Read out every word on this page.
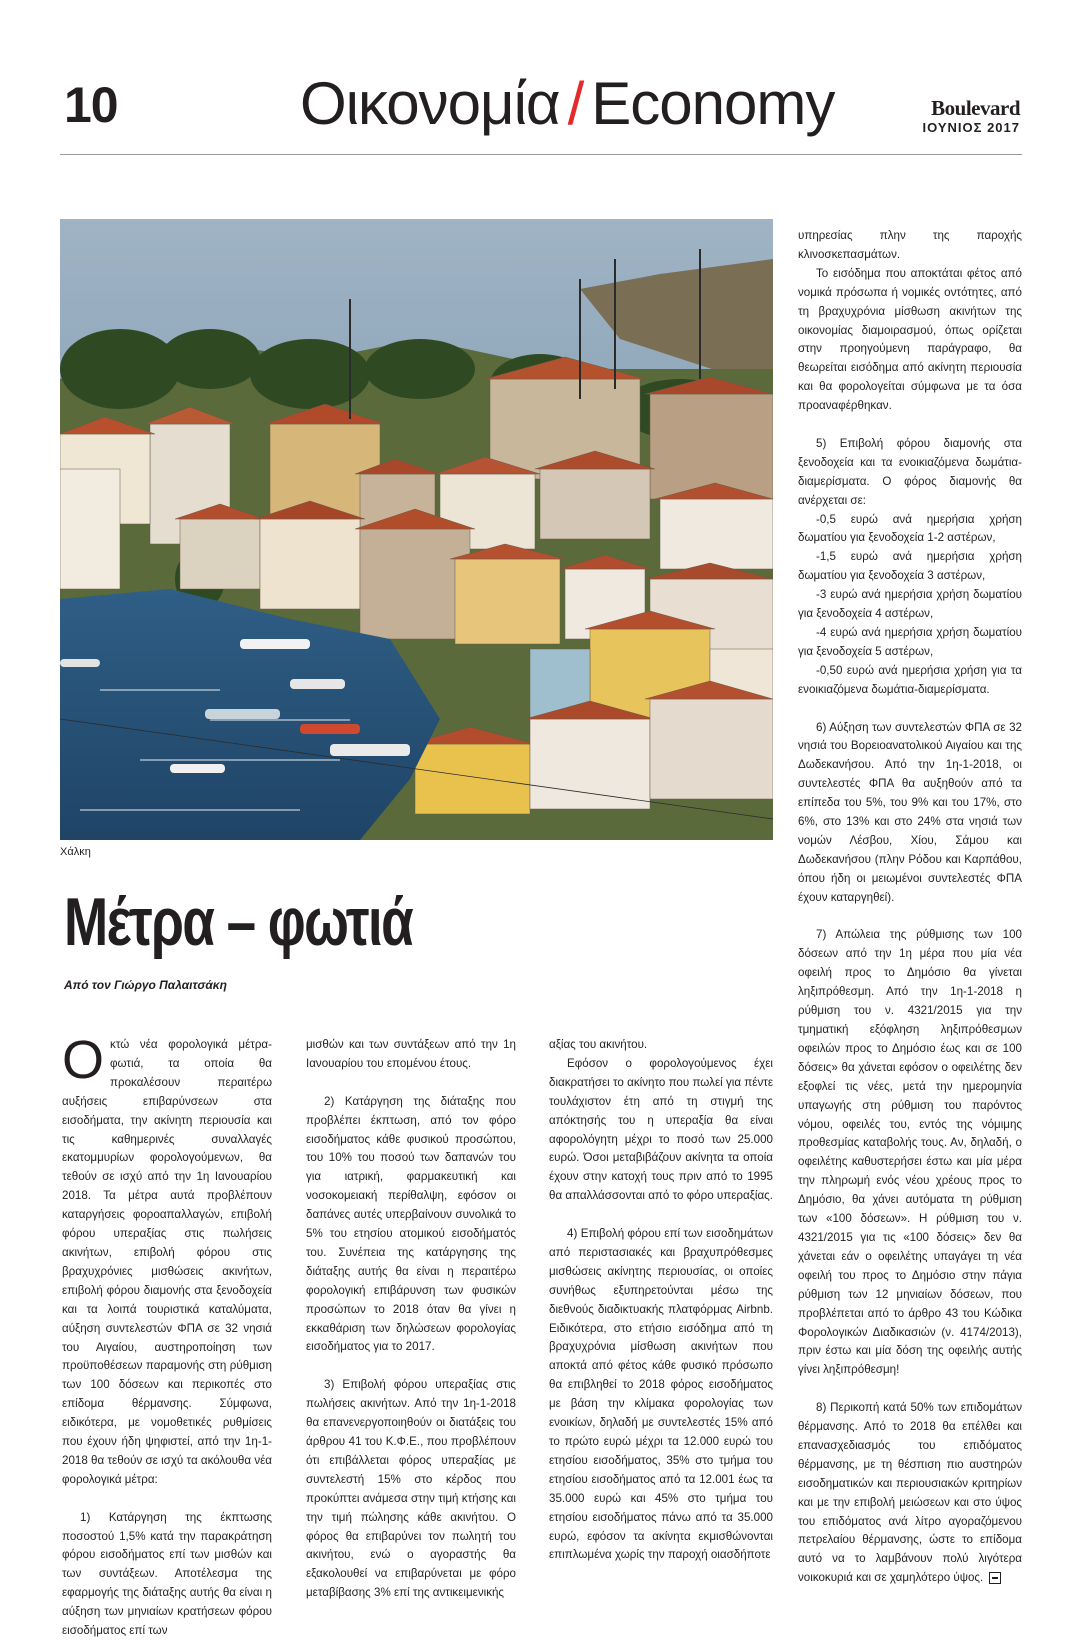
10	Οικονομία / Economy	Boulevard
ΙΟΥΝΙΟΣ 2017
Χάλκη
Μέτρα – φωτιά
Από τον Γιώργο Παλαιτσάκη
Ο κτώ νέα φορολογικά μέτρα-φωτιά, τα οποία θα προκαλέσουν περαιτέρω αυξήσεις επιβαρύνσεων στα εισοδήματα, την ακίνητη περιουσία και τις καθημερινές συναλλαγές εκατομμυρίων φορολογούμενων, θα τεθούν σε ισχύ από την 1η Ιανουαρίου 2018. Τα μέτρα αυτά προβλέπουν καταργήσεις φοροαπαλλαγών, επιβολή φόρου υπεραξίας στις πωλήσεις ακινήτων, επιβολή φόρου στις βραχυχρόνιες μισθώσεις ακινήτων, επιβολή φόρου διαμονής στα ξενοδοχεία και τα λοιπά τουριστικά καταλύματα, αύξηση συντελεστών ΦΠΑ σε 32 νησιά του Αιγαίου, αυστηροποίηση των προϋποθέσεων παραμονής στη ρύθμιση των 100 δόσεων και περικοπές στο επίδομα θέρμανσης. Σύμφωνα, ειδικότερα, με νομοθετικές ρυθμίσεις που έχουν ήδη ψηφιστεί, από την 1η-1-2018 θα τεθούν σε ισχύ τα ακόλουθα νέα φορολογικά μέτρα:

1) Κατάργηση της έκπτωσης ποσοστού 1,5% κατά την παρακράτηση φόρου εισοδήματος επί των μισθών και των συντάξεων. Αποτέλεσμα της εφαρμογής της διάταξης αυτής θα είναι η αύξηση των μηνιαίων κρατήσεων φόρου εισοδήματος επί των

μισθών και των συντάξεων από την 1η Ιανουαρίου του επομένου έτους.

2) Κατάργηση της διάταξης που προβλέπει έκπτωση, από τον φόρο εισοδήματος κάθε φυσικού προσώπου, του 10% του ποσού των δαπανών του για ιατρική, φαρμακευτική και νοσοκομειακή περίθαλψη, εφόσον οι δαπάνες αυτές υπερβαίνουν συνολικά το 5% του ετησίου ατομικού εισοδήματός του. Συνέπεια της κατάργησης της διάταξης αυτής θα είναι η περαιτέρω φορολογική επιβάρυνση των φυσικών προσώπων το 2018 όταν θα γίνει η εκκαθάριση των δηλώσεων φορολογίας εισοδήματος για το 2017.

3) Επιβολή φόρου υπεραξίας στις πωλήσεις ακινήτων. Από την 1η-1-2018 θα επανενεργοποιηθούν οι διατάξεις του άρθρου 41 του Κ.Φ.Ε., που προβλέπουν ότι επιβάλλεται φόρος υπεραξίας με συντελεστή 15% στο κέρδος που προκύπτει ανάμεσα στην τιμή κτήσης και την τιμή πώλησης κάθε ακινήτου. Ο φόρος θα επιβαρύνει τον πωλητή του ακινήτου, ενώ ο αγοραστής θα εξακολουθεί να επιβαρύνεται με φόρο μεταβίβασης 3% επί της αντικειμενικής

αξίας του ακινήτου.

Εφόσον ο φορολογούμενος έχει διακρατήσει το ακίνητο που πωλεί για πέντε τουλάχιστον έτη από τη στιγμή της απόκτησής του η υπεραξία θα είναι αφορολόγητη μέχρι το ποσό των 25.000 ευρώ. Όσοι μεταβιβάζουν ακίνητα τα οποία έχουν στην κατοχή τους πριν από το 1995 θα απαλλάσσονται από το φόρο υπεραξίας.

4) Επιβολή φόρου επί των εισοδημάτων από περιστασιακές και βραχυπρόθεσμες μισθώσεις ακίνητης περιουσίας, οι οποίες συνήθως εξυπηρετούνται μέσω της διεθνούς διαδικτυακής πλατφόρμας Airbnb. Ειδικότερα, στο ετήσιο εισόδημα από τη βραχυχρόνια μίσθωση ακινήτων που αποκτά από φέτος κάθε φυσικό πρόσωπο θα επιβληθεί το 2018 φόρος εισοδήματος με βάση την κλίμακα φορολογίας των ενοικίων, δηλαδή με συντελεστές 15% από το πρώτο ευρώ μέχρι τα 12.000 ευρώ του ετησίου εισοδήματος, 35% στο τμήμα του ετησίου εισοδήματος από τα 12.001 έως τα 35.000 ευρώ και 45% στο τμήμα του ετησίου εισοδήματος πάνω από τα 35.000 ευρώ, εφόσον τα ακίνητα εκμισθώνονται επιπλωμένα χωρίς την παροχή οιασδήποτε

υπηρεσίας πλην της παροχής κλινοσκεπασμάτων.

Το εισόδημα που αποκτάται φέτος από νομικά πρόσωπα ή νομικές οντότητες, από τη βραχυχρόνια μίσθωση ακινήτων της οικονομίας διαμοιρασμού, όπως ορίζεται στην προηγούμενη παράγραφο, θα θεωρείται εισόδημα από ακίνητη περιουσία και θα φορολογείται σύμφωνα με τα όσα προαναφέρθηκαν.

5) Επιβολή φόρου διαμονής στα ξενοδοχεία και τα ενοικιαζόμενα δωμάτια-διαμερίσματα. Ο φόρος διαμονής θα ανέρχεται σε:

-0,5 ευρώ ανά ημερήσια χρήση δωματίου για ξενοδοχεία 1-2 αστέρων,

-1,5 ευρώ ανά ημερήσια χρήση δωματίου για ξενοδοχεία 3 αστέρων,

-3 ευρώ ανά ημερήσια χρήση δωματίου για ξενοδοχεία 4 αστέρων,

-4 ευρώ ανά ημερήσια χρήση δωματίου για ξενοδοχεία 5 αστέρων,

-0,50 ευρώ ανά ημερήσια χρήση για τα ενοικιαζόμενα δωμάτια-διαμερίσματα.

6) Αύξηση των συντελεστών ΦΠΑ σε 32 νησιά του Βορειοανατολικού Αιγαίου και της Δωδεκανήσου. Από την 1η-1-2018, οι συντελεστές ΦΠΑ θα αυξηθούν από τα επίπεδα του 5%, του 9% και του 17%, στο 6%, στο 13% και στο 24% στα νησιά των νομών Λέσβου, Χίου, Σάμου και Δωδεκανήσου (πλην Ρόδου και Καρπάθου, όπου ήδη οι μειωμένοι συντελεστές ΦΠΑ έχουν καταργηθεί).

7) Απώλεια της ρύθμισης των 100 δόσεων από την 1η μέρα που μία νέα οφειλή προς το Δημόσιο θα γίνεται ληξιπρόθεσμη. Από την 1η-1-2018 η ρύθμιση του ν. 4321/2015 για την τμηματική εξόφληση ληξιπρόθεσμων οφειλών προς το Δημόσιο έως και σε 100 δόσεις» θα χάνεται εφόσον ο οφειλέτης δεν εξοφλεί τις νέες, μετά την ημερομηνία υπαγωγής στη ρύθμιση του παρόντος νόμου, οφειλές του, εντός της νόμιμης προθεσμίας καταβολής τους. Αν, δηλαδή, ο οφειλέτης καθυστερήσει έστω και μία μέρα την πληρωμή ενός νέου χρέους προς το Δημόσιο, θα χάνει αυτόματα τη ρύθμιση των «100 δόσεων». Η ρύθμιση του ν. 4321/2015 για τις «100 δόσεις» δεν θα χάνεται εάν ο οφειλέτης υπαγάγει τη νέα οφειλή του προς το Δημόσιο στην πάγια ρύθμιση των 12 μηνιαίων δόσεων, που προβλέπεται από το άρθρο 43 του Κώδικα Φορολογικών Διαδικασιών (ν. 4174/2013), πριν έστω και μία δόση της οφειλής αυτής γίνει ληξιπρόθεσμη!

8) Περικοπή κατά 50% των επιδομάτων θέρμανσης. Από το 2018 θα επέλθει και επανασχεδιασμός του επιδόματος θέρμανσης, με τη θέσπιση πιο αυστηρών εισοδηματικών και περιουσιακών κριτηρίων και με την επιβολή μειώσεων και στο ύψος του επιδόματος ανά λίτρο αγοραζόμενου πετρελαίου θέρμανσης, ώστε το επίδομα αυτό να το λαμβάνουν πολύ λιγότερα νοικοκυριά και σε χαμηλότερο ύψος.
